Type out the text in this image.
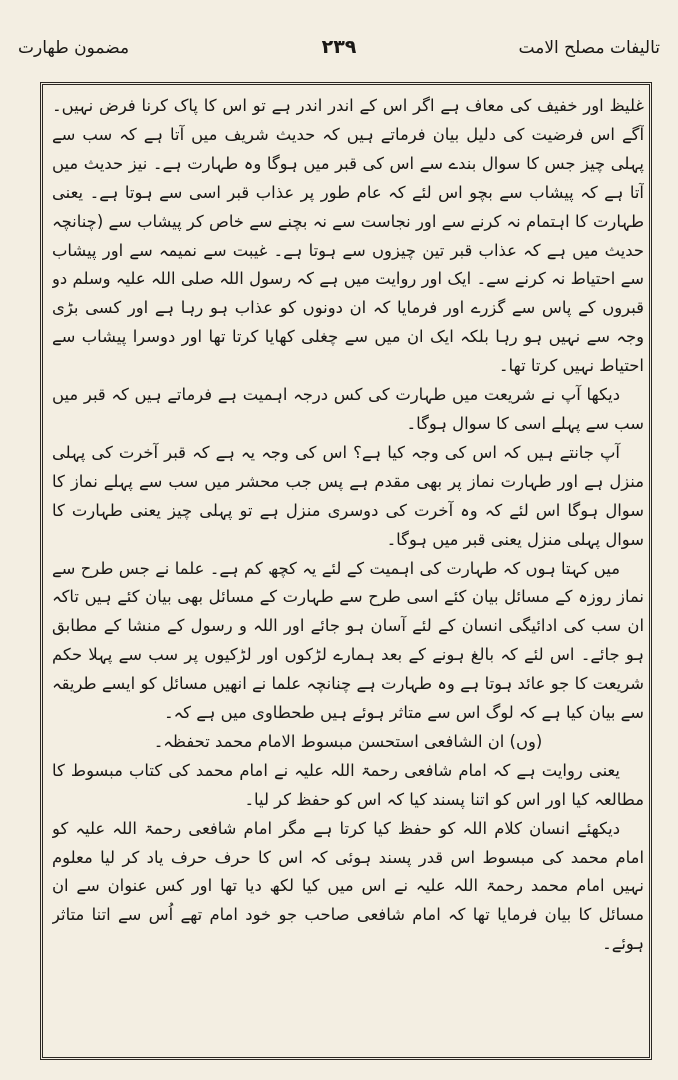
تالیفات مصلح الامت
۲۳۹
مضمون طهارت

غلیظ اور خفیف کی معاف ہے اگر اس کے اندر اندر ہے تو اس کا پاک کرنا فرض نہیں۔ آگے اس فرضیت کی دلیل بیان فرماتے ہیں کہ حدیث شریف میں آتا ہے کہ سب سے پہلی چیز جس کا سوال بندے سے اس کی قبر میں ہوگا وہ طہارت ہے۔ نیز حدیث میں آتا ہے کہ پیشاب سے بچو اس لئے کہ عام طور پر عذاب قبر اسی سے ہوتا ہے۔ یعنی طہارت کا اہتمام نہ کرنے سے اور نجاست سے نہ بچنے سے خاص کر پیشاب سے (چنانچہ حدیث میں ہے کہ عذاب قبر تین چیزوں سے ہوتا ہے۔ غیبت سے نمیمہ سے اور پیشاب سے احتیاط نہ کرنے سے۔ ایک اور روایت میں ہے کہ رسول اللہ صلی اللہ علیہ وسلم دو قبروں کے پاس سے گزرے اور فرمایا کہ ان دونوں کو عذاب ہو رہا ہے اور کسی بڑی وجہ سے نہیں ہو رہا بلکہ ایک ان میں سے چغلی کھایا کرتا تھا اور دوسرا پیشاب سے احتیاط نہیں کرتا تھا۔

دیکھا آپ نے شریعت میں طہارت کی کس درجہ اہمیت ہے فرماتے ہیں کہ قبر میں سب سے پہلے اسی کا سوال ہوگا۔

آپ جانتے ہیں کہ اس کی وجہ کیا ہے؟ اس کی وجہ یہ ہے کہ قبر آخرت کی پہلی منزل ہے اور طہارت نماز پر بھی مقدم ہے پس جب محشر میں سب سے پہلے نماز کا سوال ہوگا اس لئے کہ وہ آخرت کی دوسری منزل ہے تو پہلی چیز یعنی طہارت کا سوال پہلی منزل یعنی قبر میں ہوگا۔

میں کہتا ہوں کہ طہارت کی اہمیت کے لئے یہ کچھ کم ہے۔ علما نے جس طرح سے نماز روزہ کے مسائل بیان کئے اسی طرح سے طہارت کے مسائل بھی بیان کئے ہیں تاکہ ان سب کی ادائیگی انسان کے لئے آسان ہو جائے اور اللہ و رسول کے منشا کے مطابق ہو جائے۔ اس لئے کہ بالغ ہونے کے بعد ہمارے لڑکوں اور لڑکیوں پر سب سے پہلا حکم شریعت کا جو عائد ہوتا ہے وہ طہارت ہے چنانچہ علما نے انھیں مسائل کو ایسے طریقہ سے بیان کیا ہے کہ لوگ اس سے متاثر ہوئے ہیں طحطاوی میں ہے کہ۔

(وں) ان الشافعی استحسن مبسوط الامام محمد تحفظہ۔

یعنی روایت ہے کہ امام شافعی رحمۃ اللہ علیہ نے امام محمد کی کتاب مبسوط کا مطالعہ کیا اور اس کو اتنا پسند کیا کہ اس کو حفظ کر لیا۔

دیکھئے انسان کلام اللہ کو حفظ کیا کرتا ہے مگر امام شافعی رحمۃ اللہ علیہ کو امام محمد کی مبسوط اس قدر پسند ہوئی کہ اس کا حرف حرف یاد کر لیا معلوم نہیں امام محمد رحمۃ اللہ علیہ نے اس میں کیا لکھ دیا تھا اور کس عنوان سے ان مسائل کا بیان فرمایا تھا کہ امام شافعی صاحب جو خود امام تھے اُس سے اتنا متاثر ہوئے۔
